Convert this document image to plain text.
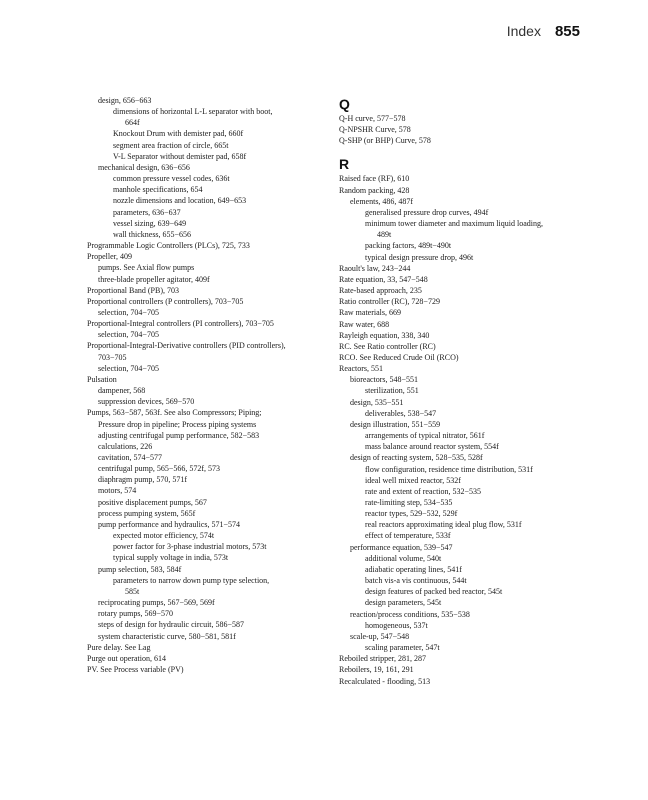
Index 855
design, 656−663
dimensions of horizontal L-L separator with boot,
664f
Knockout Drum with demister pad, 660f
segment area fraction of circle, 665t
V-L Separator without demister pad, 658f
mechanical design, 636−656
common pressure vessel codes, 636t
manhole specifications, 654
nozzle dimensions and location, 649−653
parameters, 636−637
vessel sizing, 639−649
wall thickness, 655−656
Programmable Logic Controllers (PLCs), 725, 733
Propeller, 409
pumps. See Axial flow pumps
three-blade propeller agitator, 409f
Proportional Band (PB), 703
Proportional controllers (P controllers), 703−705
selection, 704−705
Proportional-Integral controllers (PI controllers), 703−705
selection, 704−705
Proportional-Integral-Derivative controllers (PID controllers),
703−705
selection, 704−705
Pulsation
dampener, 568
suppression devices, 569−570
Pumps, 563−587, 563f. See also Compressors; Piping;
Pressure drop in pipeline; Process piping systems
adjusting centrifugal pump performance, 582−583
calculations, 226
cavitation, 574−577
centrifugal pump, 565−566, 572f, 573
diaphragm pump, 570, 571f
motors, 574
positive displacement pumps, 567
process pumping system, 565f
pump performance and hydraulics, 571−574
expected motor efficiency, 574t
power factor for 3-phase industrial motors, 573t
typical supply voltage in india, 573t
pump selection, 583, 584f
parameters to narrow down pump type selection,
585t
reciprocating pumps, 567−569, 569f
rotary pumps, 569−570
steps of design for hydraulic circuit, 586−587
system characteristic curve, 580−581, 581f
Pure delay. See Lag
Purge out operation, 614
PV. See Process variable (PV)
Q
Q-H curve, 577−578
Q-NPSHR Curve, 578
Q-SHP (or BHP) Curve, 578
R
Raised face (RF), 610
Random packing, 428
elements, 486, 487f
generalised pressure drop curves, 494f
minimum tower diameter and maximum liquid loading,
489t
packing factors, 489t−490t
typical design pressure drop, 496t
Raoult's law, 243−244
Rate equation, 33, 547−548
Rate-based approach, 235
Ratio controller (RC), 728−729
Raw materials, 669
Raw water, 688
Rayleigh equation, 338, 340
RC. See Ratio controller (RC)
RCO. See Reduced Crude Oil (RCO)
Reactors, 551
bioreactors, 548−551
sterilization, 551
design, 535−551
deliverables, 538−547
design illustration, 551−559
arrangements of typical nitrator, 561f
mass balance around reactor system, 554f
design of reacting system, 528−535, 528f
flow configuration, residence time distribution, 531f
ideal well mixed reactor, 532f
rate and extent of reaction, 532−535
rate-limiting step, 534−535
reactor types, 529−532, 529f
real reactors approximating ideal plug flow, 531f
effect of temperature, 533f
performance equation, 539−547
additional volume, 540t
adiabatic operating lines, 541f
batch vis-a vis continuous, 544t
design features of packed bed reactor, 545t
design parameters, 545t
reaction/process conditions, 535−538
homogeneous, 537t
scale-up, 547−548
scaling parameter, 547t
Reboiled stripper, 281, 287
Reboilers, 19, 161, 291
Recalculated - flooding, 513
